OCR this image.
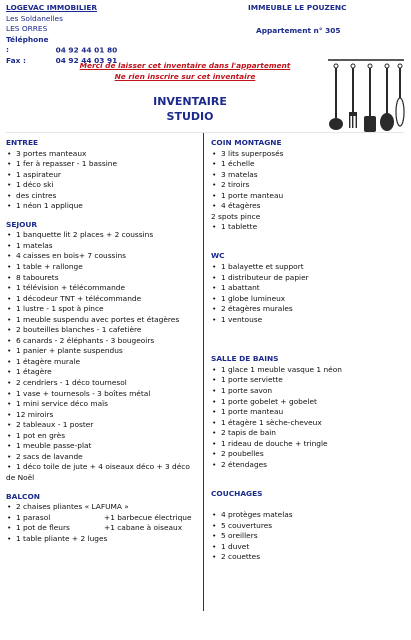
LOGEVAC IMMOBILIER
Les Soldanelles
LES ORRES
Téléphone :	04 92 44 01 80
Fax :	04 92 44 03 91
IMMEUBLE LE POUZENC
Appartement n° 305
Merci de laisser cet inventaire dans l'appartement
Ne rien inscrire sur cet inventaire
INVENTAIRE
STUDIO
ENTREE
• 3 portes manteaux
• 1 fer à repasser - 1 bassine
• 1 aspirateur
• 1 déco ski
• des cintres
• 1 néon 1 applique
SEJOUR
• 1 banquette lit 2 places + 2 coussins
• 1 matelas
• 4 caisses en bois+ 7 coussins
• 1 table + rallonge
• 8 tabourets
• 1 télévision + télécommande
• 1 décodeur TNT + télécommande
• 1 lustre - 1 spot à pince
• 1 meuble suspendu avec portes et étagères
• 2 bouteilles blanches - 1 cafetière
• 6 canards - 2 éléphants - 3 bougeoirs
• 1 panier + plante suspendus
• 1 étagère murale
• 1 étagère
• 2 cendriers - 1 déco tournesol
• 1 vase + tournesols - 3 boîtes métal
• 1 mini service déco maïs
• 12 miroirs
• 2 tableaux - 1 poster
• 1 pot en grès
• 1 meuble passe-plat
• 2 sacs de lavande
• 1 déco toile de jute + 4 oiseaux déco + 3 déco
de Noël
BALCON
• 2 chaises pliantes « LAFUMA »
• 1 parasol	+1 barbecue électrique
• 1 pot de fleurs	+1 cabane à oiseaux
• 1 table pliante + 2 luges
COIN MONTAGNE
• 3 lits superposés
• 1 échelle
• 3 matelas
• 2 tiroirs
• 1 porte manteau
• 4 étagères
2 spots pince
• 1 tablette
WC
• 1 balayette et support
• 1 distributeur de papier
• 1 abattant
• 1 globe lumineux
• 2 étagères murales
• 1 ventouse
SALLE DE BAINS
• 1 glace 1 meuble vasque 1 néon
• 1 porte serviette
• 1 porte savon
• 1 porte gobelet + gobelet
• 1 porte manteau
• 1 étagère 1 sèche-cheveux
• 2 tapis de bain
• 1 rideau de douche + tringle
• 2 poubelles
• 2 étendages
COUCHAGES
• 4 protèges matelas
• 5 couvertures
• 5 oreillers
• 1 duvet
• 2 couettes
